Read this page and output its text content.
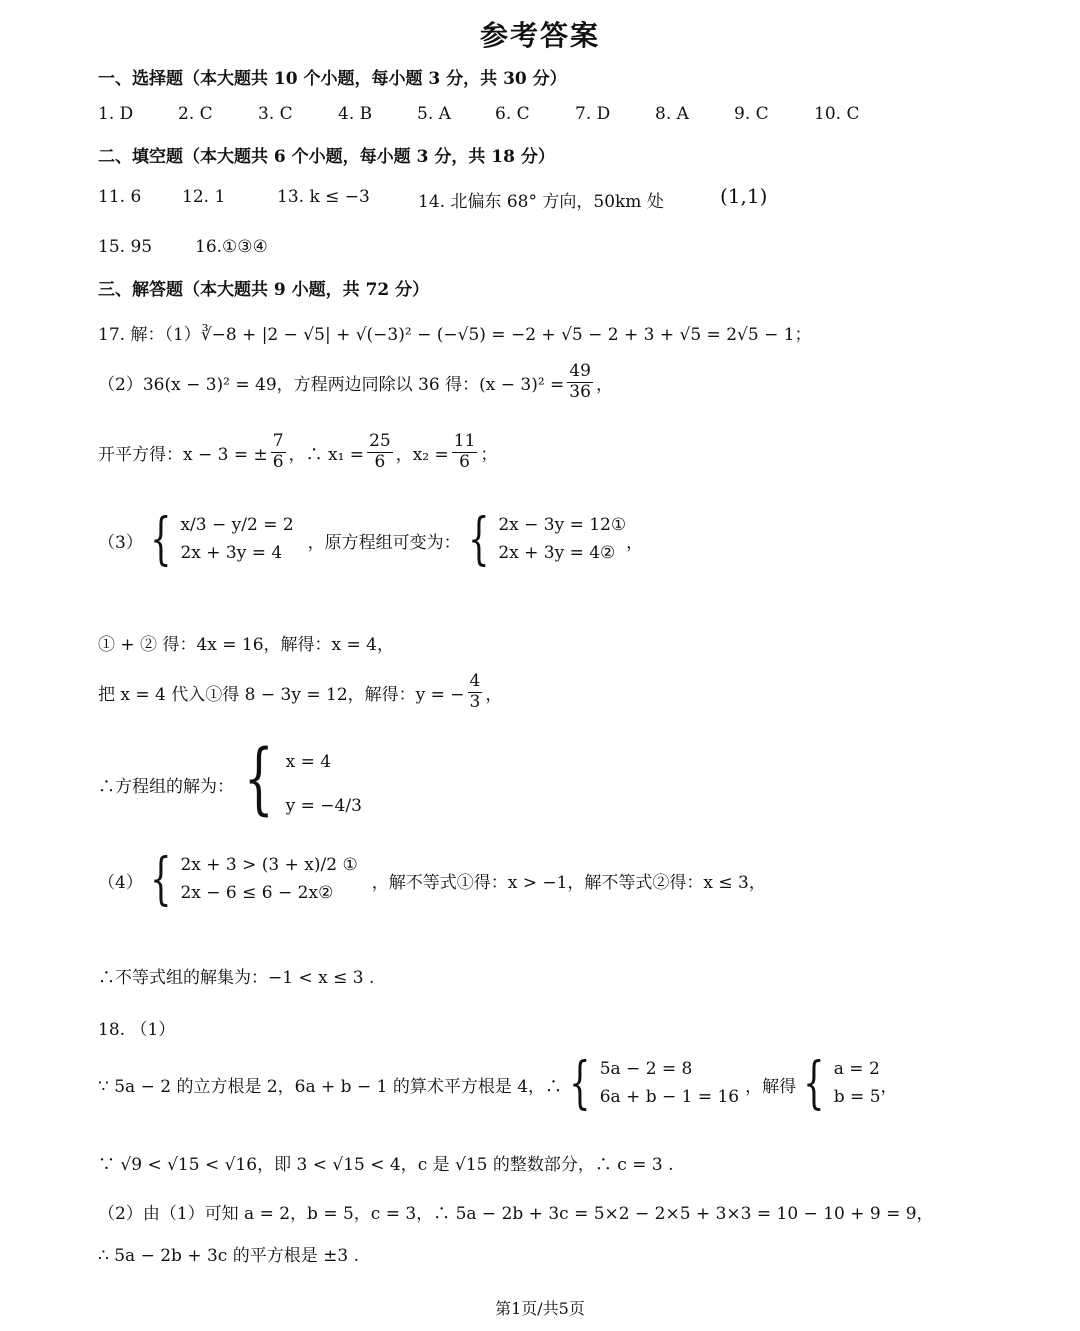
参考答案
一、选择题（本大题共 10 个小题，每小题 3 分，共 30 分）
1. D	2. C	3. C	4. B	5. A	6. C	7. D	8. A	9. C	10. C
二、填空题（本大题共 6 个小题，每小题 3 分，共 18 分）
11. 6 12. 1	13. k ≤ −3	14. 北偏东 68° 方向，50km 处	(1,1)
15. 95	16.①③④
三、解答题（本大题共 9 小题，共 72 分）
17. 解：（1）∛−8 + |2 − √5| + √(−3)² − (−√5) = −2 + √5 − 2 + 3 + √5 = 2√5 − 1；
（2）36(x − 3)² = 49，方程两边同除以 36 得：$(x - 3)^2 = \frac{49}{36}$ ，
开平方得：x − 3 = ± $\frac{7}{6}$ ，∴ $x_1 = \frac{25}{6}$ ，$x_2 = \frac{11}{6}$ ；
（3） { x/3 − y/2 = 2
2x + 3y = 4
，原方程组可变为： { 2x − 3y = 12①
2x + 3y = 4②
，
① + ② 得：4x = 16，解得：x = 4，
把 x = 4 代入①得 8 − 3y = 12，解得：y = − $\frac{4}{3}$ ，
∴方程组的解为： { x = 4
y = −4/3
（4） { 2x + 3 > (3 + x)/2 ①
2x − 6 ≤ 6 − 2x②
，解不等式①得：x > −1，解不等式②得：x ≤ 3，
∴不等式组的解集为：−1 < x ≤ 3 .
18. （1）
∵ 5a − 2 的立方根是 2，6a + b − 1 的算术平方根是 4，∴ { 5a − 2 = 8
6a + b − 1 = 16
，解得 { a = 2
b = 5
，
∵ √9 < √15 < √16，即 3 < √15 < 4，c 是 √15 的整数部分，∴ c = 3 .
（2）由（1）可知 a = 2，b = 5，c = 3，∴ 5a − 2b + 3c = 5×2 − 2×5 + 3×3 = 10 − 10 + 9 = 9，
∴ 5a − 2b + 3c 的平方根是 ±3 .
第1页/共5页
